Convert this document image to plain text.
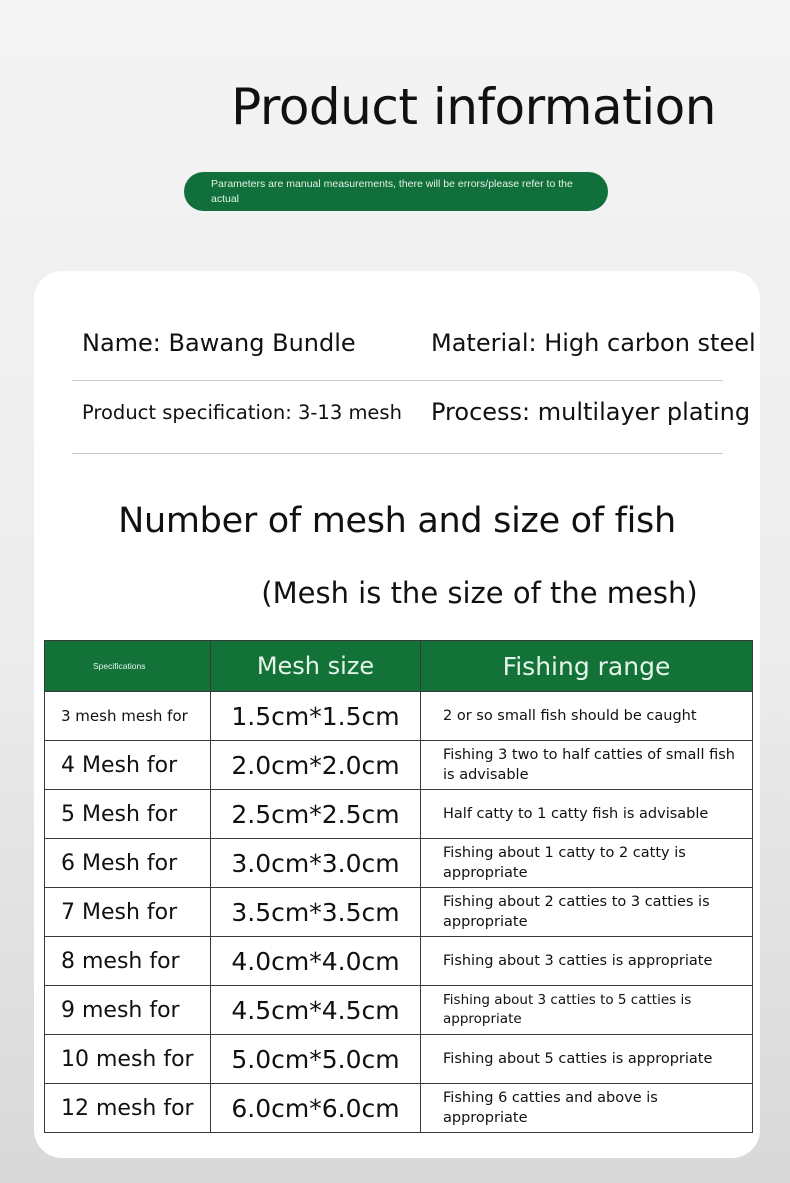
Product information
Parameters are manual measurements, there will be errors/please refer to the actual
Name: Bawang Bundle	Material: High carbon steel
Product specification: 3-13 mesh Process: multilayer plating
Number of mesh and size of fish

(Mesh is the size of the mesh)

Specifications	Mesh size	Fishing range
3 mesh mesh for	1.5cm*1.5cm	2 or so small fish should be caught
4 Mesh for	2.0cm*2.0cm	Fishing 3 two to half catties of small fish is advisable
5 Mesh for	2.5cm*2.5cm	Half catty to 1 catty fish is advisable
6 Mesh for	3.0cm*3.0cm	Fishing about 1 catty to 2 catty is appropriate
7 Mesh for	3.5cm*3.5cm	Fishing about 2 catties to 3 catties is appropriate
8 mesh for	4.0cm*4.0cm	Fishing about 3 catties is appropriate
9 mesh for	4.5cm*4.5cm	Fishing about 3 catties to 5 catties is appropriate
10 mesh for	5.0cm*5.0cm	Fishing about 5 catties is appropriate
12 mesh for	6.0cm*6.0cm	Fishing 6 catties and above is appropriate
